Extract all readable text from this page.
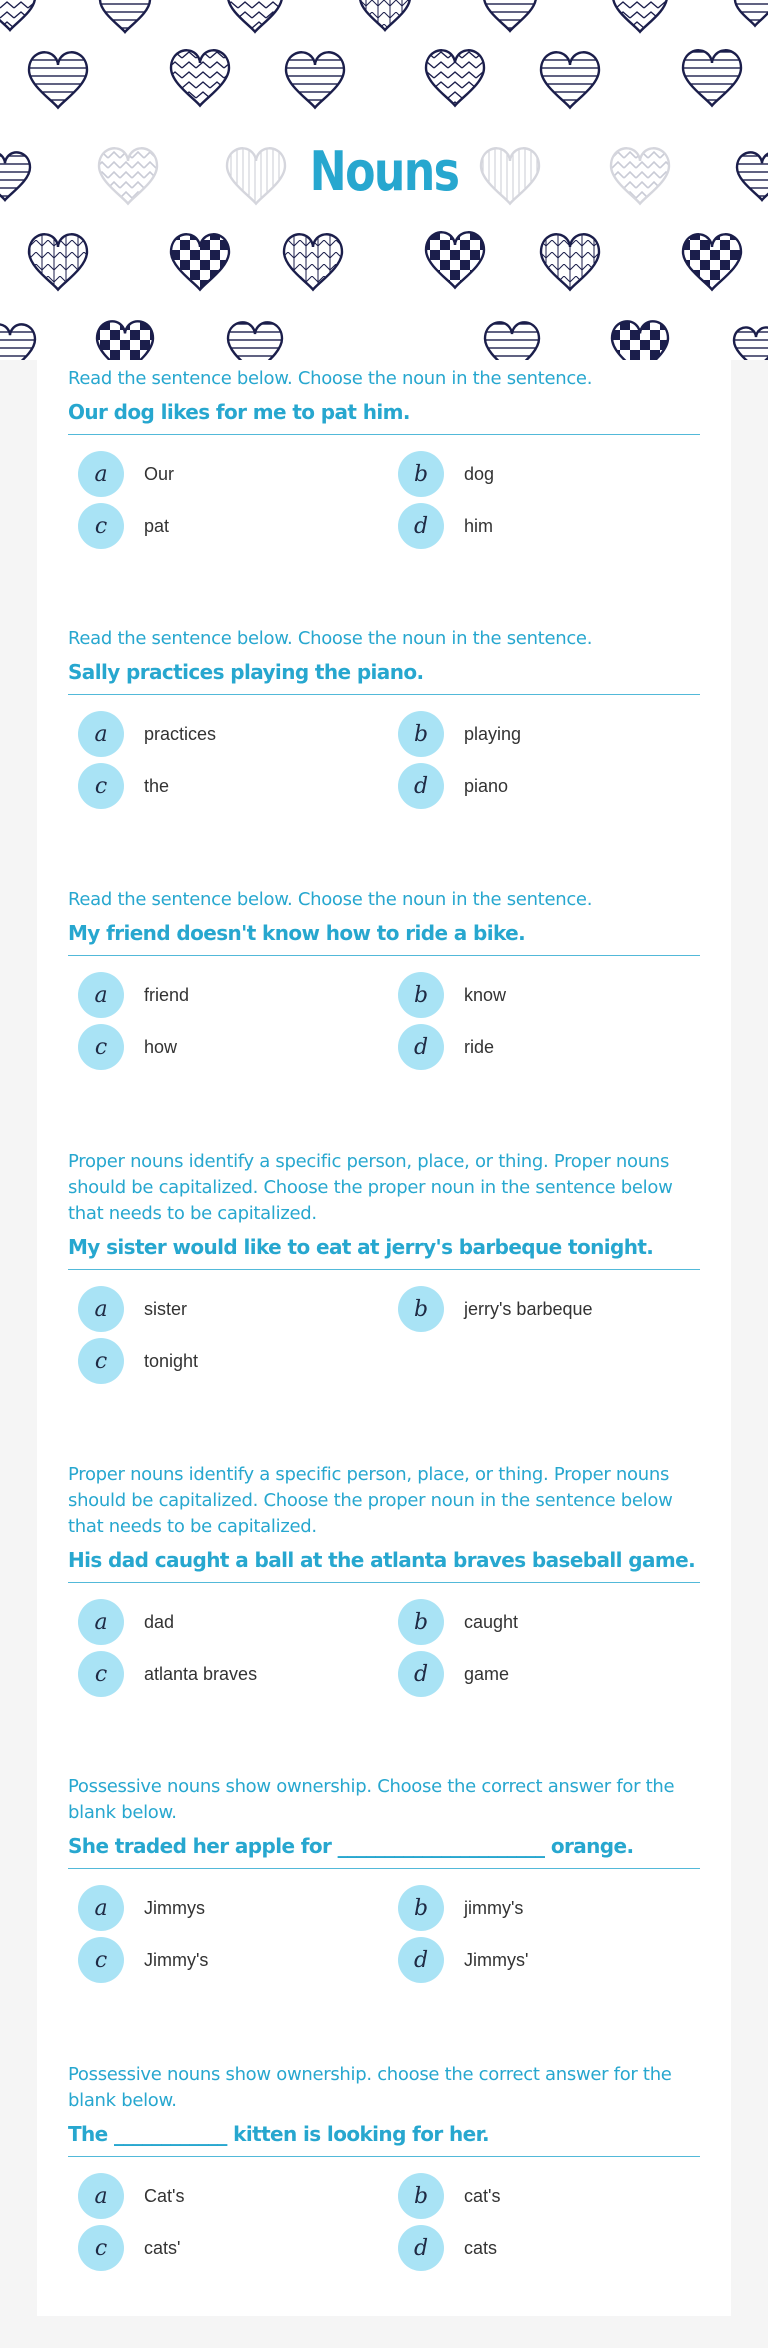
Nouns
Read the sentence below. Choose the noun in the sentence.
Our dog likes for me to pat him.
a	Our	b	dog
c	pat	d	him
Read the sentence below. Choose the noun in the sentence.
Sally practices playing the piano.
a	practices	b	playing
c	the	d	piano
Read the sentence below. Choose the noun in the sentence.
My friend doesn't know how to ride a bike.
a	friend	b	know
c	how	d	ride
Proper nouns identify a specific person, place, or thing. Proper nouns should be capitalized. Choose the proper noun in the sentence below that needs to be capitalized.
My sister would like to eat at jerry's barbeque tonight.
a	sister	b	jerry's barbeque
c	tonight
Proper nouns identify a specific person, place, or thing. Proper nouns should be capitalized. Choose the proper noun in the sentence below that needs to be capitalized.
His dad caught a ball at the atlanta braves baseball game.
a	dad	b	caught
c	atlanta braves	d	game
Possessive nouns show ownership. Choose the correct answer for the blank below.
She traded her apple for ______________________ orange.
a	Jimmys	b	jimmy's
c	Jimmy's	d	Jimmys'
Possessive nouns show ownership. choose the correct answer for the blank below.
The ____________ kitten is looking for her.
a	Cat's	b	cat's
c	cats'	d	cats
